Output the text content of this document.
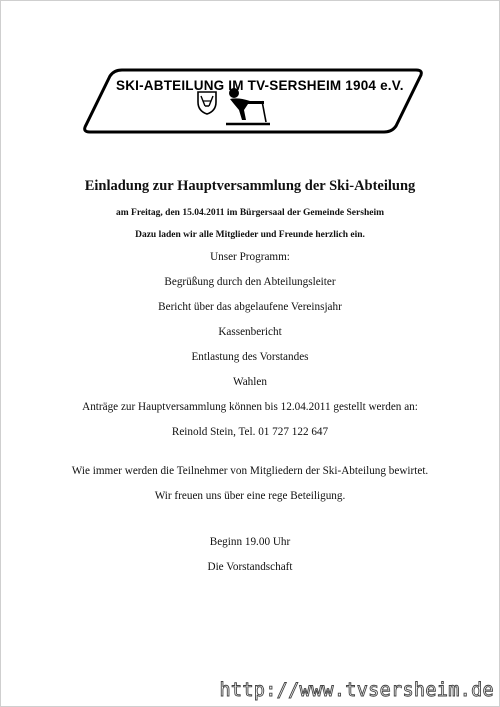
SKI-ABTEILUNG IM TV-SERSHEIM 1904 e.V.
Einladung zur Hauptversammlung der Ski-Abteilung
am Freitag, den 15.04.2011 im Bürgersaal der Gemeinde Sersheim
Dazu laden wir alle Mitglieder und Freunde herzlich ein.
Unser Programm:
Begrüßung durch den Abteilungsleiter
Bericht über das abgelaufene Vereinsjahr
Kassenbericht
Entlastung des Vorstandes
Wahlen
Anträge zur Hauptversammlung können bis 12.04.2011 gestellt werden an:
Reinold Stein, Tel. 01 727 122 647
Wie immer werden die Teilnehmer von Mitgliedern der Ski-Abteilung bewirtet.
Wir freuen uns über eine rege Beteiligung.
Beginn 19.00 Uhr
Die Vorstandschaft
http://www.tvsersheim.de
